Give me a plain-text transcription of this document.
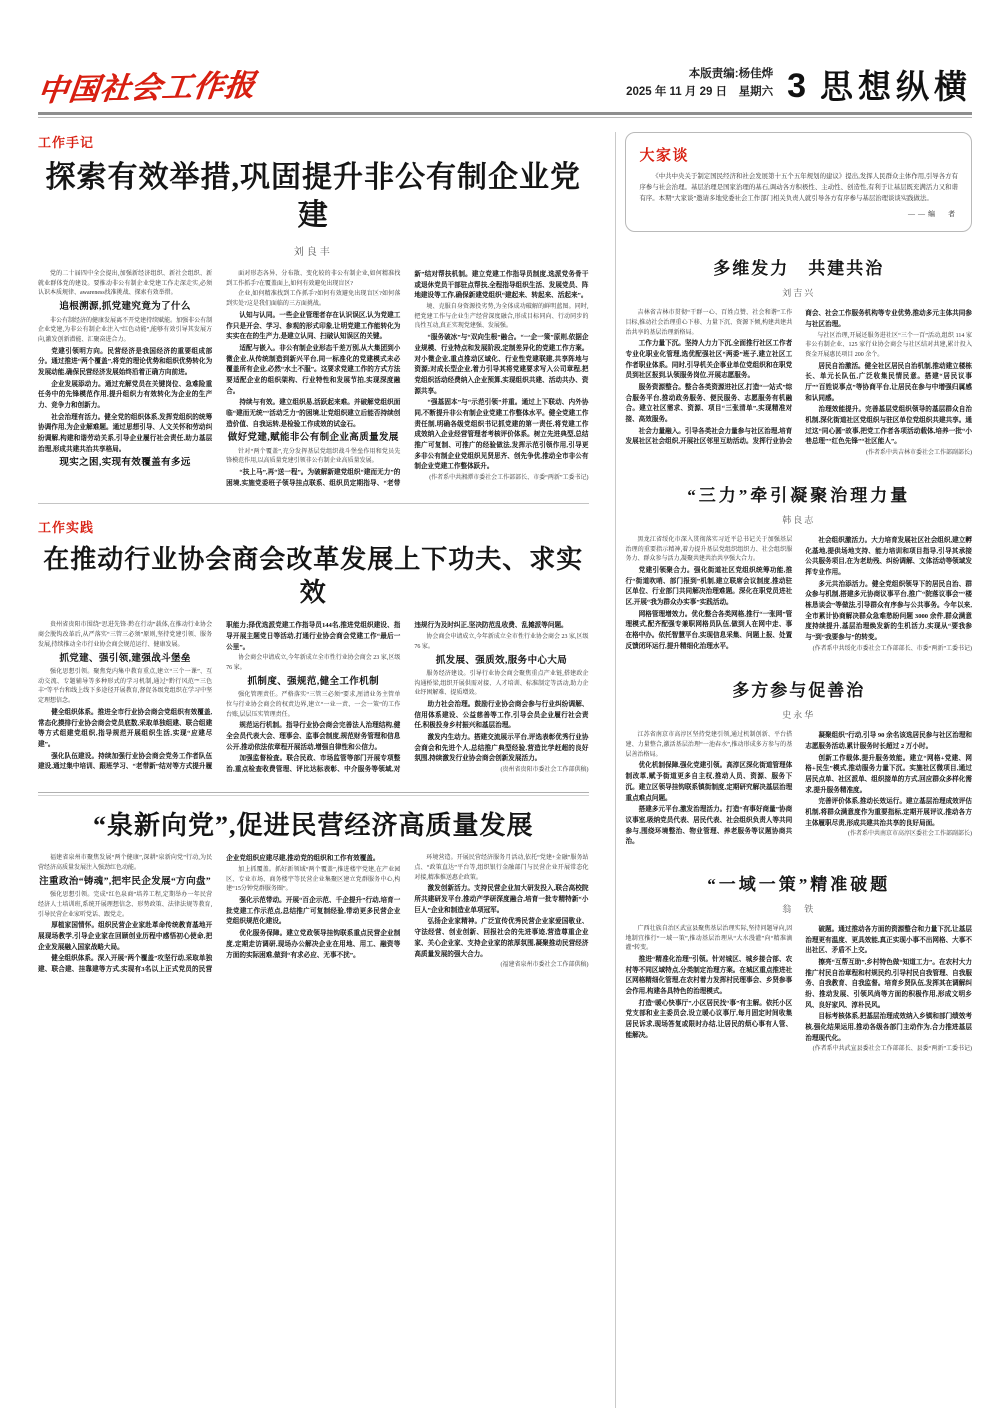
中国社会工作报	本版责编:杨佳烨
2025 年 11 月 29 日　星期六 3 思想纵横
工作手记
探索有效举措,巩固提升非公有制企业党建
刘良丰

党的二十届四中全会提出,加强新经济组织、新社会组织、新就业群体党的建设。要推动非公有制企业党建工作走深走实,必须认识本质规律、awareness找准挑战、探索有效举措。

追根溯源,抓党建究竟为了什么

非公有制经济的健康发展离不开党建持续赋能。加强非公有制企业党建,为非公有制企业注入“红色动能”,能够有效引导其发展方向,激发创新潜能、汇聚奋进合力。

党建引领明方向。民营经济是我国经济的重要组成部分。通过推进“两个覆盖”,将党的理论优势和组织优势转化为发展动能,确保民营经济发展始终沿着正确方向前进。

企业发展添动力。通过充解党员在关键岗位、急难险重任务中的先锋模范作用,提升组织力有效转化为企业的生产力、竞争力和创新力。

社会治理有活力。健全党的组织体系,发挥党组织的统筹协调作用,为企业解难题。通过思想引导、人文关怀和劳动纠纷调解,构建和谐劳动关系,引导企业履行社会责任,助力基层治理,形成共建共治共享格局。

现实之困,实现有效覆盖有多远

面对形态各异、分布散、变化较的非公有制企业,如何精准找到工作抓手?在覆盖面上,如何有效避免出现盲区?

企业,如何精准找到工作抓手?如何有效避免出现盲区?如何落到实处?这是我们面临的三方面挑战。

认知与认同。一些企业管理者存在认识误区,认为党建工作只是开会、学习、参观的形式印象,让明党建工作能转化为实实在在的生产力,是建立认同、扫破认知误区的关键。

适配与嵌入。非公有制企业形态千差万别,从大集团到小微企业,从传统制造到新兴平台,同一标准化的党建模式未必覆盖所有企业,必然“水土不服”。这要求党建工作的方式方法要适配企业的组织架构、行业特性和发展节拍,实现深度融合。

持续与有效。建立组织易,活跃起来难。并破解党组织面临“建而无统”“活动乏力”的困境,让党组织建立后能否持续创造价值、自我运转,是检验工作成效的试金石。

做好党建,赋能非公有制企业高质量发展

针对“两个覆盖”,充分发挥基层党组织战斗堡垒作用和党员先锋模范作用,以高质量党建引领非公有制企业高质量发展。

“扶上马”,再“送一程”。为破解新建党组织“建而无力”的困境,实施党委班子领导挂点联系、组织员定期指导、“老带新”结对帮扶机制。建立党建工作指导员制度,选派党务骨干或退休党员干部驻点帮扶,全程指导组织生活、发展党员、阵地建设等工作,确保新建党组织“建起来、转起来、活起来”。

境、克服自身资源投劣势,为全体成功破解的鲜明蓝图。同时,把党建工作与企业生产经营深度融合,形成目标同向、行动同步的良性互动,真正实现党建强、发展强。

“服务破冰”与“双向生根”融合。“一企一策”原则,依据企业规模、行业特点和发展阶段,定制差异化的党建工作方案。对小微企业,重点推动区域化、行业性党建联建,共享阵地与资源;对成长型企业,着力引导其将党建要求写入公司章程,把党组织活动经费纳入企业预算,实现组织共建、活动共办、资源共享。

“强基固本”与“示范引领”并重。通过上下联动、内外协同,不断提升非公有制企业党建工作整体水平。健全党建工作责任制,明确各级党组织书记抓党建的第一责任,将党建工作成效纳入企业经营管理者考核评价体系。树立先进典型,总结推广可复制、可推广的经验做法,发挥示范引领作用,引导更多非公有制企业党组织见贤思齐、创先争优,推动全市非公有制企业党建工作整体跃升。

(作者系中共湘潭市委社会工作部部长、市委“两新”工委书记)

工作实践
在推动行业协会商会改革发展上下功夫、求实效

贵州省贵阳市围绕“思进先锋·黔在行动”载体,在推动行业协会商会脱钩改革后,从严落实“三管三必须”原则,坚持党建引领、服务发展,持续推动全市行业协会商会规范运行、健康发展。

抓党建、强引领,建强战斗堡垒

强化思想引领。聚焦党内集中教育重点,建立“三个一课”、互动交流、专题辅导等多种形式的学习机制,通过“黔行风范”“三色丰”等平台和线上线下多途径开展教育,督促各级党组织在学习中坚定理想信念。

健全组织体系。推进全市行业协会商会党组织有效覆盖,常态化摸排行业协会商会党员底数,采取单独组建、联合组建等方式组建党组织,指导规范开展组织生活,实现“应建尽建”。

强化队伍建设。持续加强行业协会商会党务工作者队伍建设,通过集中培训、跟班学习、“老带新”结对等方式提升履职能力;择优选派党建工作指导员144名,推进党组织建设、指导开展主题党日等活动,打通行业协会商会党建工作“最后一公里”。

协会商会申请成立,今年新成立全市性行业协会商会 23 家,区级 76 家。

抓制度、强规范,健全工作机制

强化管理责任。严格落实“三管三必须”要求,厘清业务主管单位与行业协会商会的权责边界,建立“一业一责、一会一策”的工作台账,层层压实管理责任。

规范运行机制。指导行业协会商会完善法人治理结构,健全会员代表大会、理事会、监事会制度,规范财务管理和信息公开,推动依法依章程开展活动,增强自律性和公信力。

加强监督检查。联合民政、市场监管等部门开展专项整治,重点检查收费管理、评比达标表彰、中介服务等领域,对违规行为及时纠正,坚决防范乱收费、乱摊派等问题。

协会商会申请成立,今年新成立全市性行业协会商会 23 家,区级 76 家。

抓发展、强质效,服务中心大局

服务经济建设。引导行业协会商会聚焦重点产业链,搭建政企沟通桥梁,组织开展供需对接、人才培训、标准制定等活动,助力企业纾困解难、提质增效。

助力社会治理。鼓励行业协会商会参与行业纠纷调解、信用体系建设、公益慈善等工作,引导会员企业履行社会责任,积极投身乡村振兴和基层治理。

激发内生动力。搭建交流展示平台,评选表彰优秀行业协会商会和先进个人,总结推广典型经验,营造比学赶超的良好氛围,持续激发行业协会商会创新发展活力。

(贵州省贵阳市委社会工作部供稿)

“泉新向党”,促进民营经济高质量发展

福建省泉州市聚焦发展“两个健康”,深耕“泉新向党”行动,为民营经济高质量发展注入强劲红色动能。

注重政治“铸魂”,把牢民企发展“方向盘”

强化思想引领。完成“红色泉商”培养工程,定期举办一年民营经济人士培训班,系统开展理想信念、形势政策、法律法规等教育,引导民营企业家听党话、跟党走。

厚植家国情怀。组织民营企业家赴革命传统教育基地开展现场教学,引导企业家在回顾创业历程中感悟初心使命,把企业发展融入国家战略大局。

健全组织体系。深入开展“两个覆盖”攻坚行动,采取单独建、联合建、挂靠建等方式,实现有3名以上正式党员的民营企业党组织应建尽建,推动党的组织和工作有效覆盖。

加上抓覆盖。抓好新领域“两个覆盖”,推进楼宇党建,在产业园区、专业市场、商务楼宇等民营企业集聚区建立党群服务中心,构建“15分钟党群服务圈”。

强化示范带动。开展“百企示范、千企提升”行动,培育一批党建工作示范点,总结推广可复制经验,带动更多民营企业党组织规范化建设。

优化服务保障。建立党政领导挂钩联系重点民营企业制度,定期走访调研,现场办公解决企业在用地、用工、融资等方面的实际困难,做到“有求必应、无事不扰”。

环境营造。开展民营经济服务月活动,依托“党建+金融”服务站点、“政策直达”平台等,组织银行金融部门与民营企业开展常态化对接,精准推送惠企政策。

激发创新活力。支持民营企业加大研发投入,联合高校院所共建研发平台,推动产学研深度融合,培育一批专精特新“小巨人”企业和制造业单项冠军。

弘扬企业家精神。广泛宣传优秀民营企业家爱国敬业、守法经营、创业创新、回报社会的先进事迹,营造尊重企业家、关心企业家、支持企业家的浓厚氛围,凝聚推动民营经济高质量发展的强大合力。

(福建省泉州市委社会工作部供稿)

大家谈

《中共中央关于制定国民经济和社会发展第十五个五年规划的建议》提出,发挥人民群众主体作用,引导各方有序参与社会治理。基层治理是国家治理的基石,调动各方积极性、主动性、创造性,有利于让基层既充满活力又和谐有序。本期“大家谈”邀请多地党委社会工作部门相关负责人就引导各方有序参与基层治理谈谈实践做法。

——编　者
多维发力　共建共治
刘吉兴

吉林省吉林市贯彻“干群一心、百姓点赞、社会和谐”工作目标,推动社会治理重心下移、力量下沉、资源下倾,构建共建共治共享的基层治理新格局。

工作力量下沉。坚持人力力下沉,全面推行社区工作者专业化职业化管理,选优配强社区“两委”班子,建立社区工作者职业体系。同时,引导机关企事业单位党组织和在职党员到社区报到,认领服务岗位,开展志愿服务。

服务资源整合。整合各类资源进社区,打造“一站式”综合服务平台,推动政务服务、便民服务、志愿服务有机融合。建立社区需求、资源、项目“三张清单”,实现精准对接、高效服务。

社会力量融入。引导各类社会力量参与社区治理,培育发展社区社会组织,开展社区邻里互助活动。发挥行业协会商会、社会工作服务机构等专业优势,推动多元主体共同参与社区治理。

与社区治理,开展还服务进社区“三个一百”活动,组织 114 家非公有制企业、125 家行业协会商会与社区结对共建,累计投入资金开展惠民项目 200 余个。

居民自治激活。健全社区居民自治机制,推动建立楼栋长、单元长队伍,广泛收集民情民意。搭建“居民议事厅”“百姓说事点”等协商平台,让居民在参与中增强归属感和认同感。

治理效能提升。完善基层党组织领导的基层群众自治机制,深化街道社区党组织与驻区单位党组织共建共享。通过这“同心圆”故事,把党工作者各项活动载体,培养一批“小巷总理”“红色先锋”“社区能人”。

(作者系中共吉林市委社会工作部副部长)

“三力”牵引凝聚治理力量
韩良志

黑龙江省绥化市深入贯彻落实习近平总书记关于加强基层治理的重要指示精神,着力提升基层党组织组织力、社会组织服务力、群众参与活力,凝聚共建共治共享强大合力。

党建引领聚合力。强化街道社区党组织统筹功能,推行“街道吹哨、部门报到”机制,建立联席会议制度,推动驻区单位、行业部门共同解决治理难题。深化在职党员进社区,开展“我为群众办实事”实践活动。

网格管理增效力。优化整合各类网格,推行“一张网”管理模式,配齐配强专兼职网格员队伍,做到人在网中走、事在格中办。依托智慧平台,实现信息采集、问题上报、处置反馈闭环运行,提升精细化治理水平。

社会组织激活力。大力培育发展社区社会组织,建立孵化基地,提供场地支持、能力培训和项目指导,引导其承接公共服务项目,在为老助残、纠纷调解、文体活动等领域发挥专业作用。

多元共治添活力。健全党组织领导下的居民自治、群众参与机制,搭建多元协商议事平台,推广“院落议事会”“楼栋恳谈会”等做法,引导群众有序参与公共事务。今年以来,全市累计协商解决群众急难愁盼问题 3000 余件,群众满意度持续提升,基层治理焕发新的生机活力,实现从“要我参与”到“我要参与”的转变。

(作者系中共绥化市委社会工作部部长、市委“两新”工委书记)

多方参与促善治
史永华

江苏省南京市高淳区坚持党建引领,通过机制创新、平台搭建、力量整合,激活基层治理“一池春水”,推动形成多方参与的基层善治格局。

优化机制保障,强化党建引领。高淳区深化街道管理体制改革,赋予街道更多自主权,推动人员、资源、服务下沉。建立区领导挂钩联系镇街制度,定期研究解决基层治理重点难点问题。

搭建多元平台,激发治理活力。打造“有事好商量”协商议事室,吸纳党员代表、居民代表、社会组织负责人等共同参与,围绕环境整治、物业管理、养老服务等议题协商共治。

凝聚组织”行动,引导 90 余名该选居民参与社区治理和志愿服务活动,累计服务时长超过 2 万小时。

创新工作载体,提升服务效能。建立“网格+党建、网格+民生”模式,推动服务力量下沉。实施社区微项目,通过居民点单、社区派单、组织接单的方式,回应群众多样化需求,提升服务精准度。

完善评价体系,推动长效运行。建立基层治理成效评估机制,将群众满意度作为重要指标,定期开展评议,推动各方主体履职尽责,形成共建共治共享的良好局面。

(作者系中共南京市高淳区委社会工作部副部长)

“一域一策”精准破题
翁　铁

广西壮族自治区武宣县聚焦基层治理实际,坚持问题导向,因地制宜推行“一域一策”,推动基层治理从“大水漫灌”向“精准滴灌”转变。

推进“精准化治理”引领。针对城区、城乡接合部、农村等不同区域特点,分类制定治理方案。在城区重点推进社区网格精细化管理,在农村着力发挥村民理事会、乡贤参事会作用,构建各具特色的治理模式。

打造“暖心快事厅”,小区居民找“事”有主解。依托小区党支部和业主委员会,设立暖心议事厅,每月固定时间收集居民诉求,现场答复或限时办结,让居民的烦心事有人管、能解决。

破题。通过推动各方面的资源整合和力量下沉,让基层治理更有温度、更具效能,真正实现小事不出网格、大事不出社区、矛盾不上交。

擦亮“互帮互助”,乡村特色做“知道工力”。在农村大力推广村民自治章程和村规民约,引导村民自我管理、自我服务、自我教育、自我监督。培育乡贤队伍,发挥其在调解纠纷、推动发展、引领风尚等方面的积极作用,形成文明乡风、良好家风、淳朴民风。

目标考核体系,把基层治理成效纳入乡镇和部门绩效考核,强化结果运用,推动各级各部门主动作为,合力推进基层治理现代化。

(作者系中共武宣县委社会工作部部长、县委“两新”工委书记)
